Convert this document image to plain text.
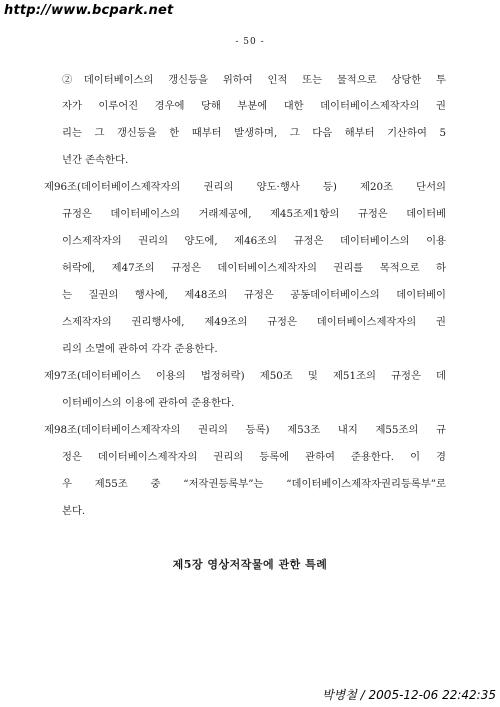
http://www.bcpark.net
- 50 -
②데이터베이스의 갱신등을 위하여 인적 또는 물적으로 상당한 투
자가 이루어진 경우에 당해 부분에 대한 데이터베이스제작자의 권
리는 그 갱신등을 한 때부터 발생하며, 그 다음 해부터 기산하여 5
년간 존속한다.
제96조(데이터베이스제작자의 권리의 양도·행사 등) 제20조 단서의
규정은 데이터베이스의 거래제공에, 제45조제1항의 규정은 데이터베
이스제작자의 권리의 양도에, 제46조의 규정은 데이터베이스의 이용
허락에, 제47조의 규정은 데이터베이스제작자의 권리를 목적으로 하
는 질권의 행사에, 제48조의 규정은 공동데이터베이스의 데이터베이
스제작자의 권리행사에, 제49조의 규정은 데이터베이스제작자의 권
리의 소멸에 관하여 각각 준용한다.
제97조(데이터베이스 이용의 법정허락) 제50조 및 제51조의 규정은 데
이터베이스의 이용에 관하여 준용한다.
제98조(데이터베이스제작자의 권리의 등록) 제53조 내지 제55조의 규
정은 데이터베이스제작자의 권리의 등록에 관하여 준용한다. 이 경
우 제55조 중 “저작권등록부”는 “데이터베이스제작자권리등록부”로
본다.
제5장 영상저작물에 관한 특례
박병철 / 2005-12-06 22:42:35
